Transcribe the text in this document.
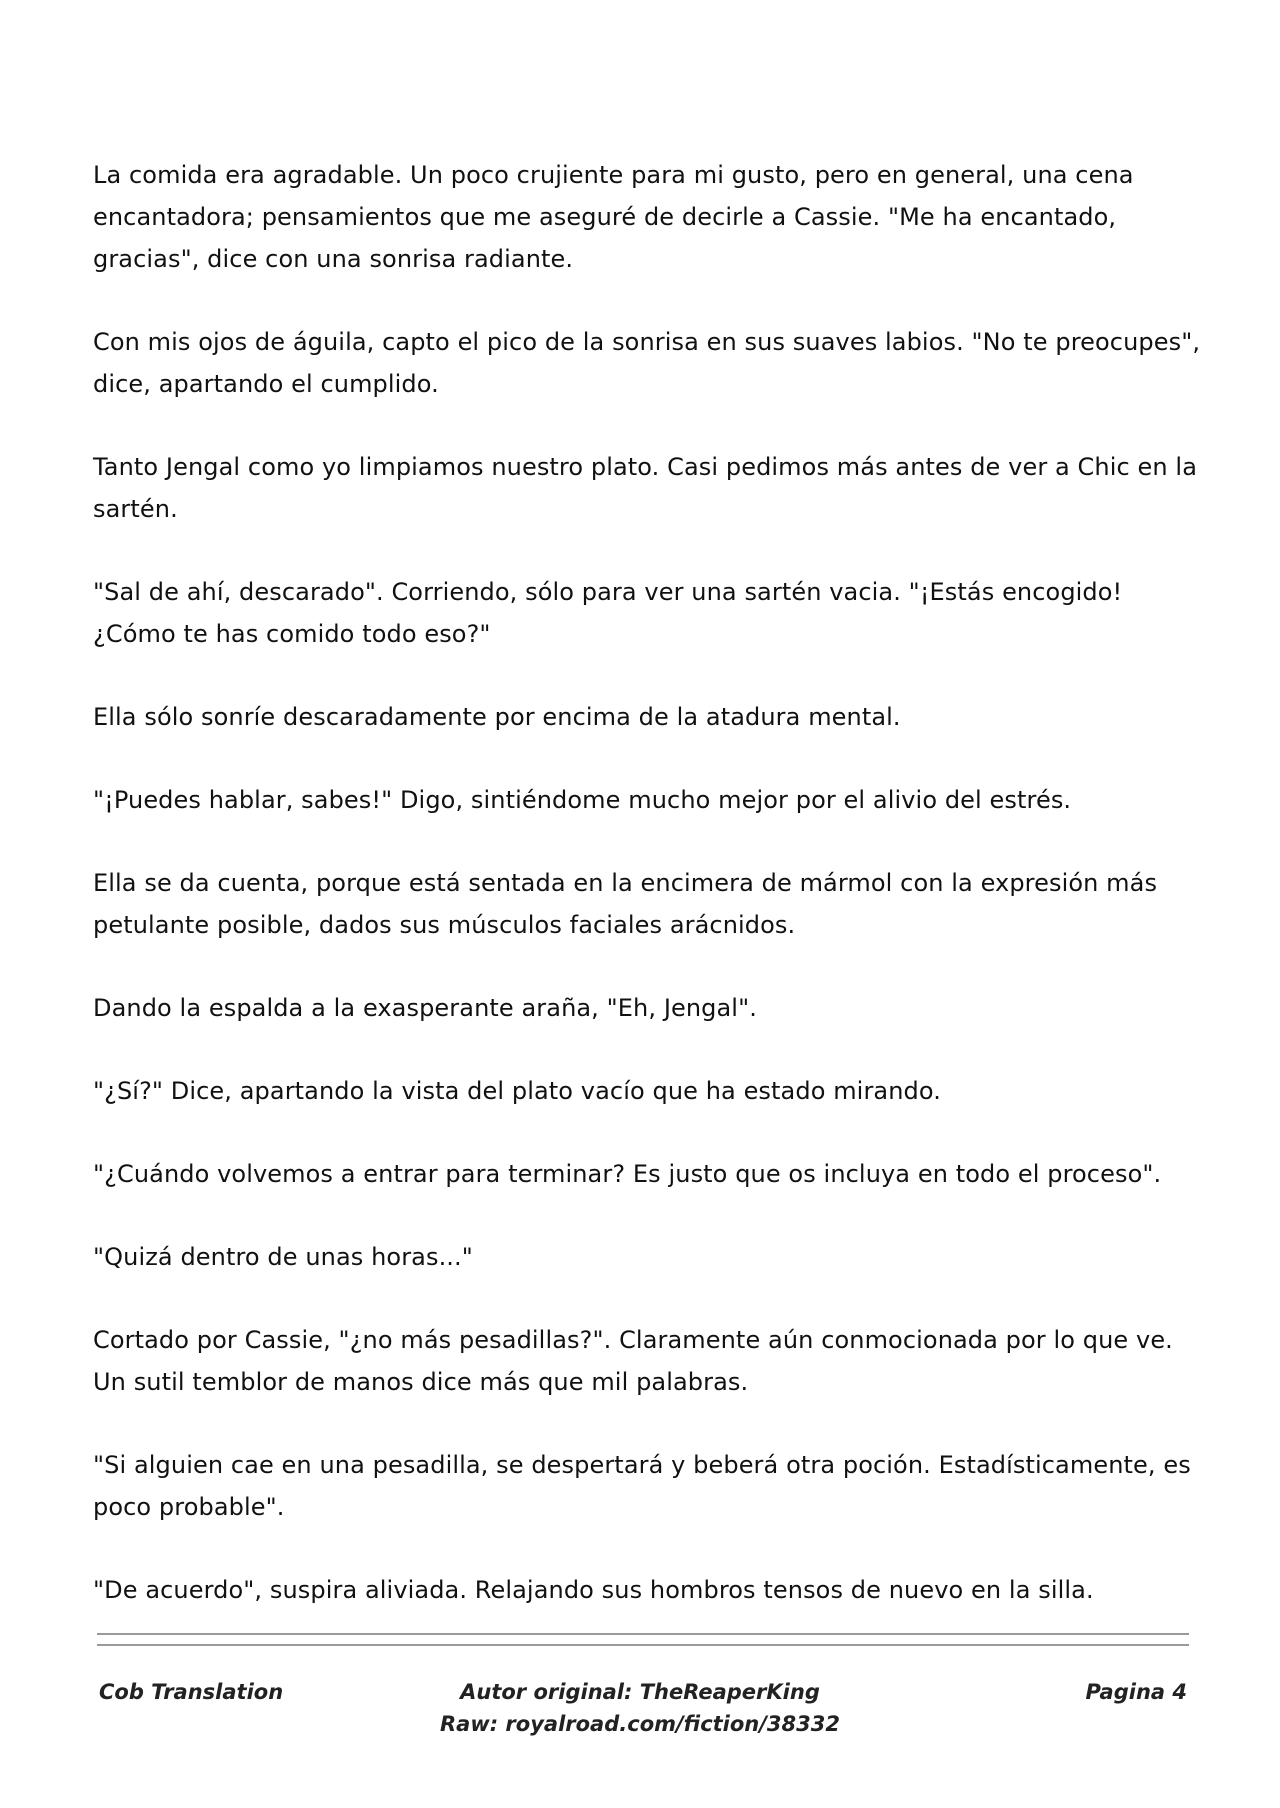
La comida era agradable. Un poco crujiente para mi gusto, pero en general, una cena encantadora; pensamientos que me aseguré de decirle a Cassie. "Me ha encantado, gracias", dice con una sonrisa radiante.

Con mis ojos de águila, capto el pico de la sonrisa en sus suaves labios. "No te preocupes", dice, apartando el cumplido.

Tanto Jengal como yo limpiamos nuestro plato. Casi pedimos más antes de ver a Chic en la sartén.

"Sal de ahí, descarado". Corriendo, sólo para ver una sartén vacia. "¡Estás encogido! ¿Cómo te has comido todo eso?"

Ella sólo sonríe descaradamente por encima de la atadura mental.

"¡Puedes hablar, sabes!" Digo, sintiéndome mucho mejor por el alivio del estrés.

Ella se da cuenta, porque está sentada en la encimera de mármol con la expresión más petulante posible, dados sus músculos faciales arácnidos.

Dando la espalda a la exasperante araña, "Eh, Jengal".

"¿Sí?" Dice, apartando la vista del plato vacío que ha estado mirando.

"¿Cuándo volvemos a entrar para terminar? Es justo que os incluya en todo el proceso".

"Quizá dentro de unas horas..."

Cortado por Cassie, "¿no más pesadillas?". Claramente aún conmocionada por lo que ve. Un sutil temblor de manos dice más que mil palabras.

"Si alguien cae en una pesadilla, se despertará y beberá otra poción. Estadísticamente, es poco probable".

"De acuerdo", suspira aliviada. Relajando sus hombros tensos de nuevo en la silla.

Cob Translation	Autor original: TheReaperKing
Raw: royalroad.com/fiction/38332
Pagina 4
